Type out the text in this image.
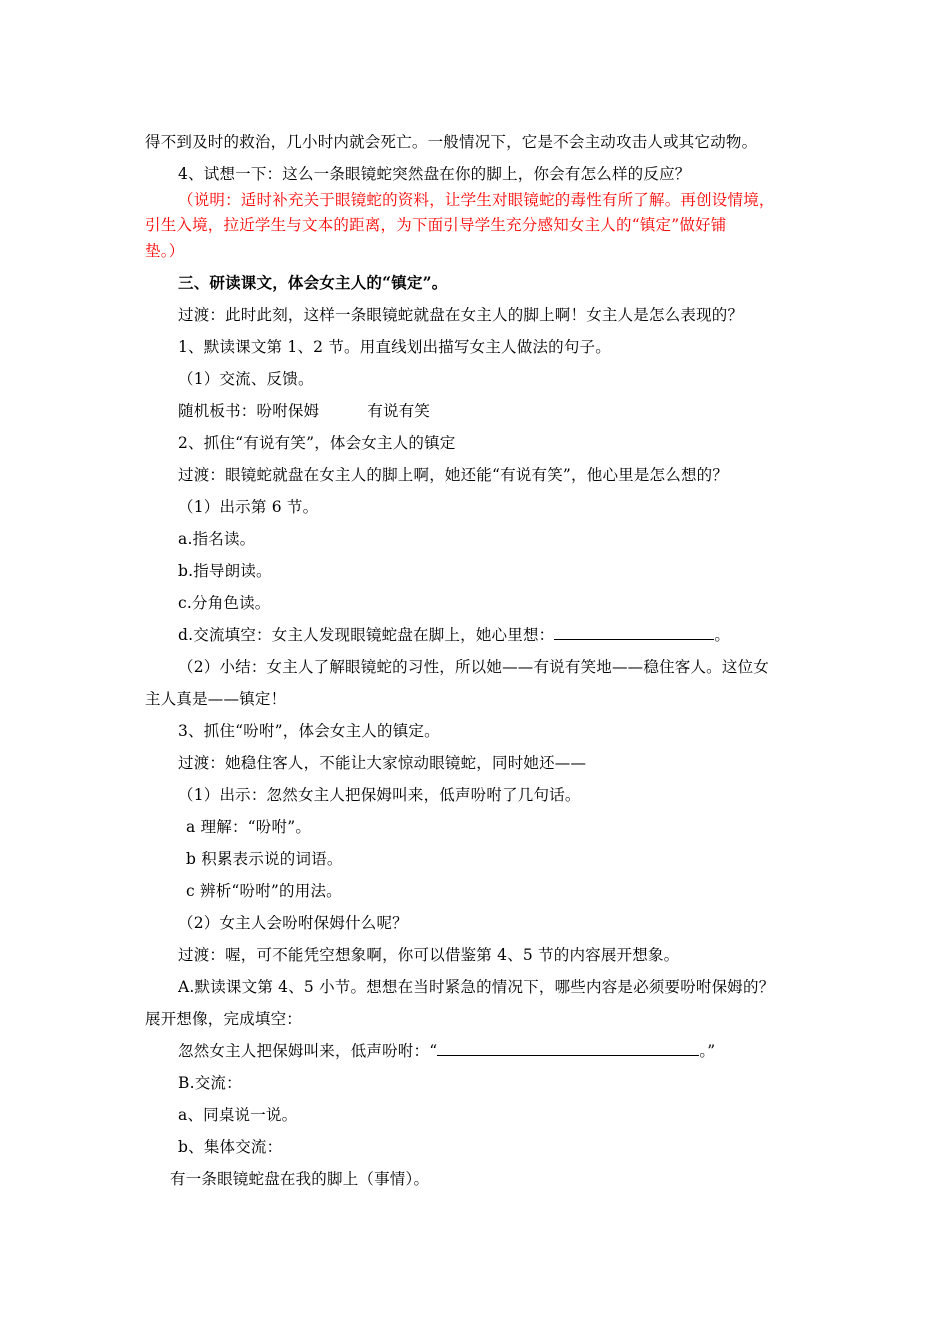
得不到及时的救治，几小时内就会死亡。一般情况下，它是不会主动攻击人或其它动物。
4、试想一下：这么一条眼镜蛇突然盘在你的脚上，你会有怎么样的反应？
（说明：适时补充关于眼镜蛇的资料，让学生对眼镜蛇的毒性有所了解。再创设情境，
引生入境，拉近学生与文本的距离，为下面引导学生充分感知女主人的“镇定”做好铺
垫。）
三、研读课文，体会女主人的“镇定”。
过渡：此时此刻，这样一条眼镜蛇就盘在女主人的脚上啊！女主人是怎么表现的？
1、默读课文第 1、2 节。用直线划出描写女主人做法的句子。
（1）交流、反馈。
随机板书：吩咐保姆	有说有笑
2、抓住“有说有笑”，体会女主人的镇定
过渡：眼镜蛇就盘在女主人的脚上啊，她还能“有说有笑”，他心里是怎么想的？
（1）出示第 6 节。
a.指名读。
b.指导朗读。
c.分角色读。
d.交流填空：女主人发现眼镜蛇盘在脚上，她心里想：	。
（2）小结：女主人了解眼镜蛇的习性，所以她——有说有笑地——稳住客人。这位女
主人真是——镇定！
3、抓住“吩咐”，体会女主人的镇定。
过渡：她稳住客人，不能让大家惊动眼镜蛇，同时她还——
（1）出示：忽然女主人把保姆叫来，低声吩咐了几句话。
a 理解：“吩咐”。
b 积累表示说的词语。
c 辨析“吩咐”的用法。
（2）女主人会吩咐保姆什么呢？
过渡：喔，可不能凭空想象啊，你可以借鉴第 4、5 节的内容展开想象。
A.默读课文第 4、5 小节。想想在当时紧急的情况下，哪些内容是必须要吩咐保姆的？
展开想像，完成填空：
忽然女主人把保姆叫来，低声吩咐：“	。”
B.交流：
a、同桌说一说。
b、集体交流：
有一条眼镜蛇盘在我的脚上（事情）。
